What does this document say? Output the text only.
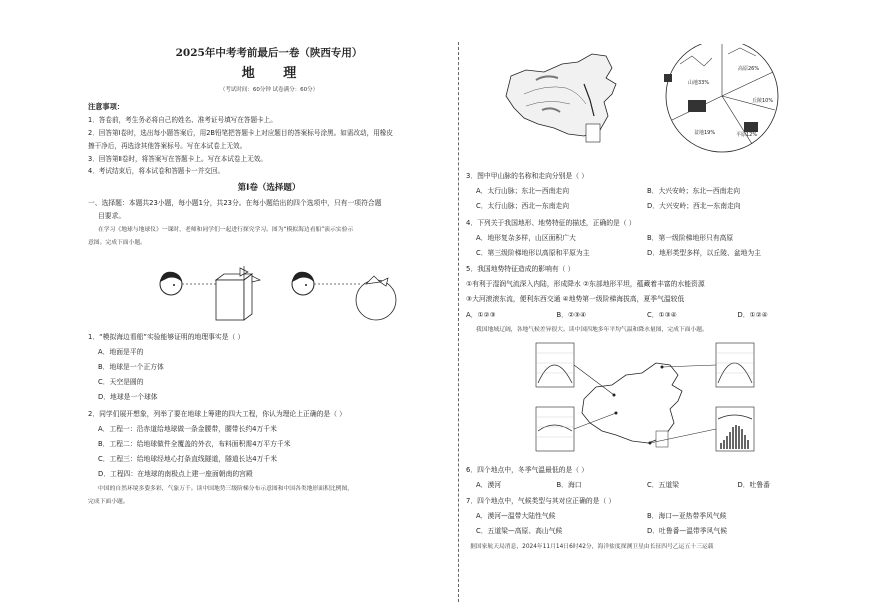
2025年中考考前最后一卷（陕西专用）
地 理
（考试时间：60分钟 试卷满分：60分）
注意事项：
1．答卷前，考生务必将自己的姓名、准考证号填写在答题卡上。
2．回答第Ⅰ卷时，选出每小题答案后，用2B铅笔把答题卡上对应题目的答案标号涂黑。如需改动，用橡皮
擦干净后，再选涂其他答案标号。写在本试卷上无效。
3．回答第Ⅱ卷时，将答案写在答题卡上。写在本试卷上无效。
4．考试结束后，将本试卷和答题卡一并交回。
第Ⅰ卷（选择题）
一、选择题：本题共23小题，每小题1分，共23分。在每小题给出的四个选项中，只有一项符合题
目要求。
在学习《地球与地球仪》一课时，老师和同学们一起进行探究学习。图为“模拟海边看船”演示实验示
意图。完成下面小题。
1．“模拟海边看船”实验能够证明的地理事实是（ ）
A．地面是平的
B．地球是一个正方体
C．天空是圆的
D．地球是一个球体
2．同学们展开想象，列举了要在地球上筹建的四大工程，你认为理论上正确的是（ ）
A．工程一：沿赤道给地球做一条金腰带，腰带长约4万千米
B．工程二：给地球做件全覆盖的外衣，布料面积需4万平方千米
C．工程三：给地球经地心打条直线隧道，隧道长达4万千米
D．工程四：在地球的南极点上建一座面朝南的宫殿
中国的自然环境多姿多彩，气象万千。读中国地势三级阶梯分布示意图和中国各类地形面积比例图，
完成下面小题。
山地33%
高原26%
丘陵10%
平原12%
盆地19%
3．图中甲山脉的名称和走向分别是（ ）
A．太行山脉；东北—西南走向	B．大兴安岭；东北—西南走向
C．太行山脉；西北—东南走向	D．大兴安岭；西北—东南走向
4．下列关于我国地形、地势特征的描述，正确的是（ ）
A．地形复杂多样，山区面积广大	B．第一级阶梯地形只有高原
C．第三级阶梯地形以高原和平原为主	D．地形类型多样，以丘陵、盆地为主
5．我国地势特征造成的影响有（ ）
①有利于湿润气流深入内陆，形成降水 ②东部地形平坦，蕴藏着丰富的水能资源
③大河滚滚东流，便利东西交通 ④地势第一级阶梯海拔高，夏季气温较低
A．①②③	B．②③④	C．①③④	D．①②④
我国地域辽阔，各地气候差异很大。读中国四地多年平均气温和降水量图，完成下面小题。
6．四个地点中，冬季气温最低的是（ ）
A．漠河	B．海口	C．五道梁	D．吐鲁番
7．四个地点中，气候类型与其对应正确的是（ ）
A．漠河—温带大陆性气候	B．海口—亚热带季风气候
C．五道梁—高原、高山气候	D．吐鲁番—温带季风气候
据国家航天局消息，2024年11月14日6时42分，海洋盐度探测卫星由长征四号乙运五十三运载
